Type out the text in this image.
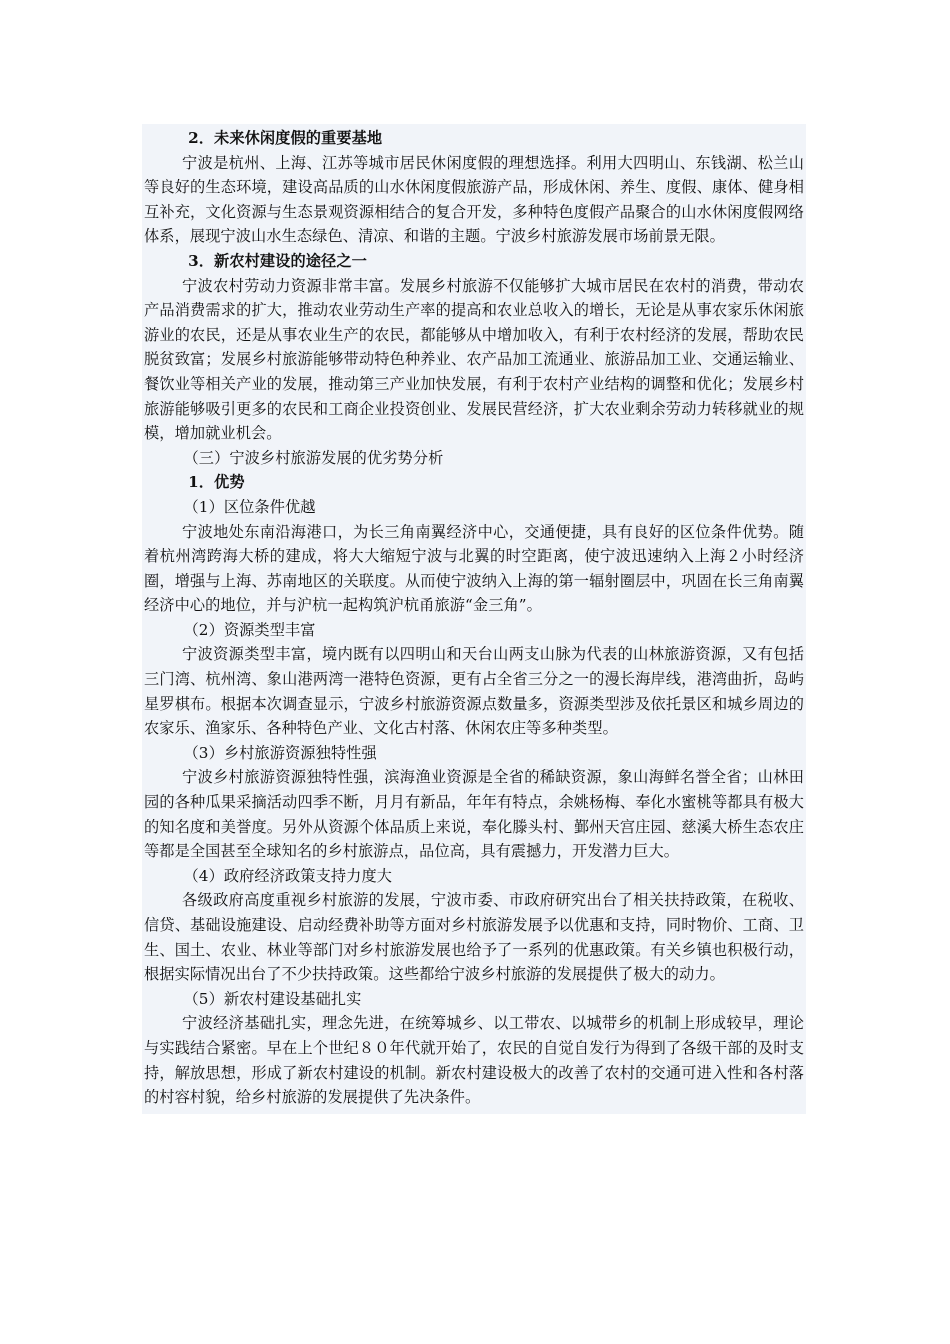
2．未来休闲度假的重要基地

宁波是杭州、上海、江苏等城市居民休闲度假的理想选择。利用大四明山、东钱湖、松兰山等良好的生态环境，建设高品质的山水休闲度假旅游产品，形成休闲、养生、度假、康体、健身相互补充，文化资源与生态景观资源相结合的复合开发，多种特色度假产品聚合的山水休闲度假网络体系，展现宁波山水生态绿色、清凉、和谐的主题。宁波乡村旅游发展市场前景无限。

3．新农村建设的途径之一

宁波农村劳动力资源非常丰富。发展乡村旅游不仅能够扩大城市居民在农村的消费，带动农产品消费需求的扩大，推动农业劳动生产率的提高和农业总收入的增长，无论是从事农家乐休闲旅游业的农民，还是从事农业生产的农民，都能够从中增加收入，有利于农村经济的发展，帮助农民脱贫致富；发展乡村旅游能够带动特色种养业、农产品加工流通业、旅游品加工业、交通运输业、餐饮业等相关产业的发展，推动第三产业加快发展，有利于农村产业结构的调整和优化；发展乡村旅游能够吸引更多的农民和工商企业投资创业、发展民营经济，扩大农业剩余劳动力转移就业的规模，增加就业机会。

（三）宁波乡村旅游发展的优劣势分析

1．优势

（1）区位条件优越

宁波地处东南沿海港口，为长三角南翼经济中心，交通便捷，具有良好的区位条件优势。随着杭州湾跨海大桥的建成，将大大缩短宁波与北翼的时空距离，使宁波迅速纳入上海２小时经济圈，增强与上海、苏南地区的关联度。从而使宁波纳入上海的第一辐射圈层中，巩固在长三角南翼经济中心的地位，并与沪杭一起构筑沪杭甬旅游“金三角”。

（2）资源类型丰富

宁波资源类型丰富，境内既有以四明山和天台山两支山脉为代表的山林旅游资源，又有包括三门湾、杭州湾、象山港两湾一港特色资源，更有占全省三分之一的漫长海岸线，港湾曲折，岛屿星罗棋布。根据本次调查显示，宁波乡村旅游资源点数量多，资源类型涉及依托景区和城乡周边的农家乐、渔家乐、各种特色产业、文化古村落、休闲农庄等多种类型。

（3）乡村旅游资源独特性强

宁波乡村旅游资源独特性强，滨海渔业资源是全省的稀缺资源，象山海鲜名誉全省；山林田园的各种瓜果采摘活动四季不断，月月有新品，年年有特点，余姚杨梅、奉化水蜜桃等都具有极大的知名度和美誉度。另外从资源个体品质上来说，奉化滕头村、鄞州天宫庄园、慈溪大桥生态农庄等都是全国甚至全球知名的乡村旅游点，品位高，具有震撼力，开发潜力巨大。

（4）政府经济政策支持力度大

各级政府高度重视乡村旅游的发展，宁波市委、市政府研究出台了相关扶持政策，在税收、信贷、基础设施建设、启动经费补助等方面对乡村旅游发展予以优惠和支持，同时物价、工商、卫生、国土、农业、林业等部门对乡村旅游发展也给予了一系列的优惠政策。有关乡镇也积极行动，根据实际情况出台了不少扶持政策。这些都给宁波乡村旅游的发展提供了极大的动力。

（5）新农村建设基础扎实

宁波经济基础扎实，理念先进，在统筹城乡、以工带农、以城带乡的机制上形成较早，理论与实践结合紧密。早在上个世纪８０年代就开始了，农民的自觉自发行为得到了各级干部的及时支持，解放思想，形成了新农村建设的机制。新农村建设极大的改善了农村的交通可进入性和各村落的村容村貌，给乡村旅游的发展提供了先决条件。
